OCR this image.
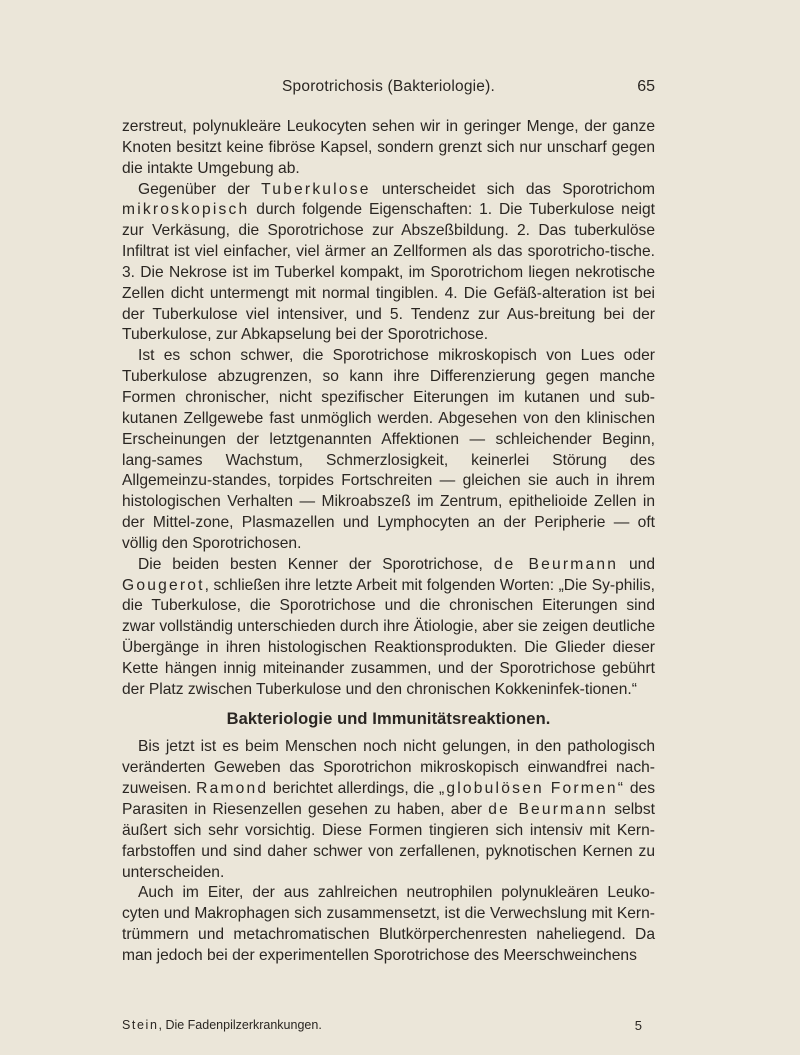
Sporotrichosis (Bakteriologie).	65

zerstreut, polynukleäre Leukocyten sehen wir in geringer Menge, der ganze Knoten besitzt keine fibröse Kapsel, sondern grenzt sich nur unscharf gegen die intakte Umgebung ab.

Gegenüber der Tuberkulose unterscheidet sich das Sporotrichom mikroskopisch durch folgende Eigenschaften: 1. Die Tuberkulose neigt zur Verkäsung, die Sporotrichose zur Abszeßbildung. 2. Das tuberkulöse Infiltrat ist viel einfacher, viel ärmer an Zellformen als das sporotricho-tische. 3. Die Nekrose ist im Tuberkel kompakt, im Sporotrichom liegen nekrotische Zellen dicht untermengt mit normal tingiblen. 4. Die Gefäß-alteration ist bei der Tuberkulose viel intensiver, und 5. Tendenz zur Aus-breitung bei der Tuberkulose, zur Abkapselung bei der Sporotrichose.

Ist es schon schwer, die Sporotrichose mikroskopisch von Lues oder Tuberkulose abzugrenzen, so kann ihre Differenzierung gegen manche Formen chronischer, nicht spezifischer Eiterungen im kutanen und sub-kutanen Zellgewebe fast unmöglich werden. Abgesehen von den klinischen Erscheinungen der letztgenannten Affektionen — schleichender Beginn, lang-sames Wachstum, Schmerzlosigkeit, keinerlei Störung des Allgemeinzu-standes, torpides Fortschreiten — gleichen sie auch in ihrem histologischen Verhalten — Mikroabszeß im Zentrum, epithelioide Zellen in der Mittel-zone, Plasmazellen und Lymphocyten an der Peripherie — oft völlig den Sporotrichosen.

Die beiden besten Kenner der Sporotrichose, de Beurmann und Gougerot, schließen ihre letzte Arbeit mit folgenden Worten: „Die Sy-philis, die Tuberkulose, die Sporotrichose und die chronischen Eiterungen sind zwar vollständig unterschieden durch ihre Ätiologie, aber sie zeigen deutliche Übergänge in ihren histologischen Reaktionsprodukten. Die Glieder dieser Kette hängen innig miteinander zusammen, und der Sporotrichose gebührt der Platz zwischen Tuberkulose und den chronischen Kokkeninfek-tionen.“

Bakteriologie und Immunitätsreaktionen.

Bis jetzt ist es beim Menschen noch nicht gelungen, in den pathologisch veränderten Geweben das Sporotrichon mikroskopisch einwandfrei nach-zuweisen. Ramond berichtet allerdings, die „globulösen Formen“ des Parasiten in Riesenzellen gesehen zu haben, aber de Beurmann selbst äußert sich sehr vorsichtig. Diese Formen tingieren sich intensiv mit Kern-farbstoffen und sind daher schwer von zerfallenen, pyknotischen Kernen zu unterscheiden.

Auch im Eiter, der aus zahlreichen neutrophilen polynukleären Leuko-cyten und Makrophagen sich zusammensetzt, ist die Verwechslung mit Kern-trümmern und metachromatischen Blutkörperchenresten naheliegend. Da man jedoch bei der experimentellen Sporotrichose des Meerschweinchens

Stein, Die Fadenpilzerkrankungen.	5
